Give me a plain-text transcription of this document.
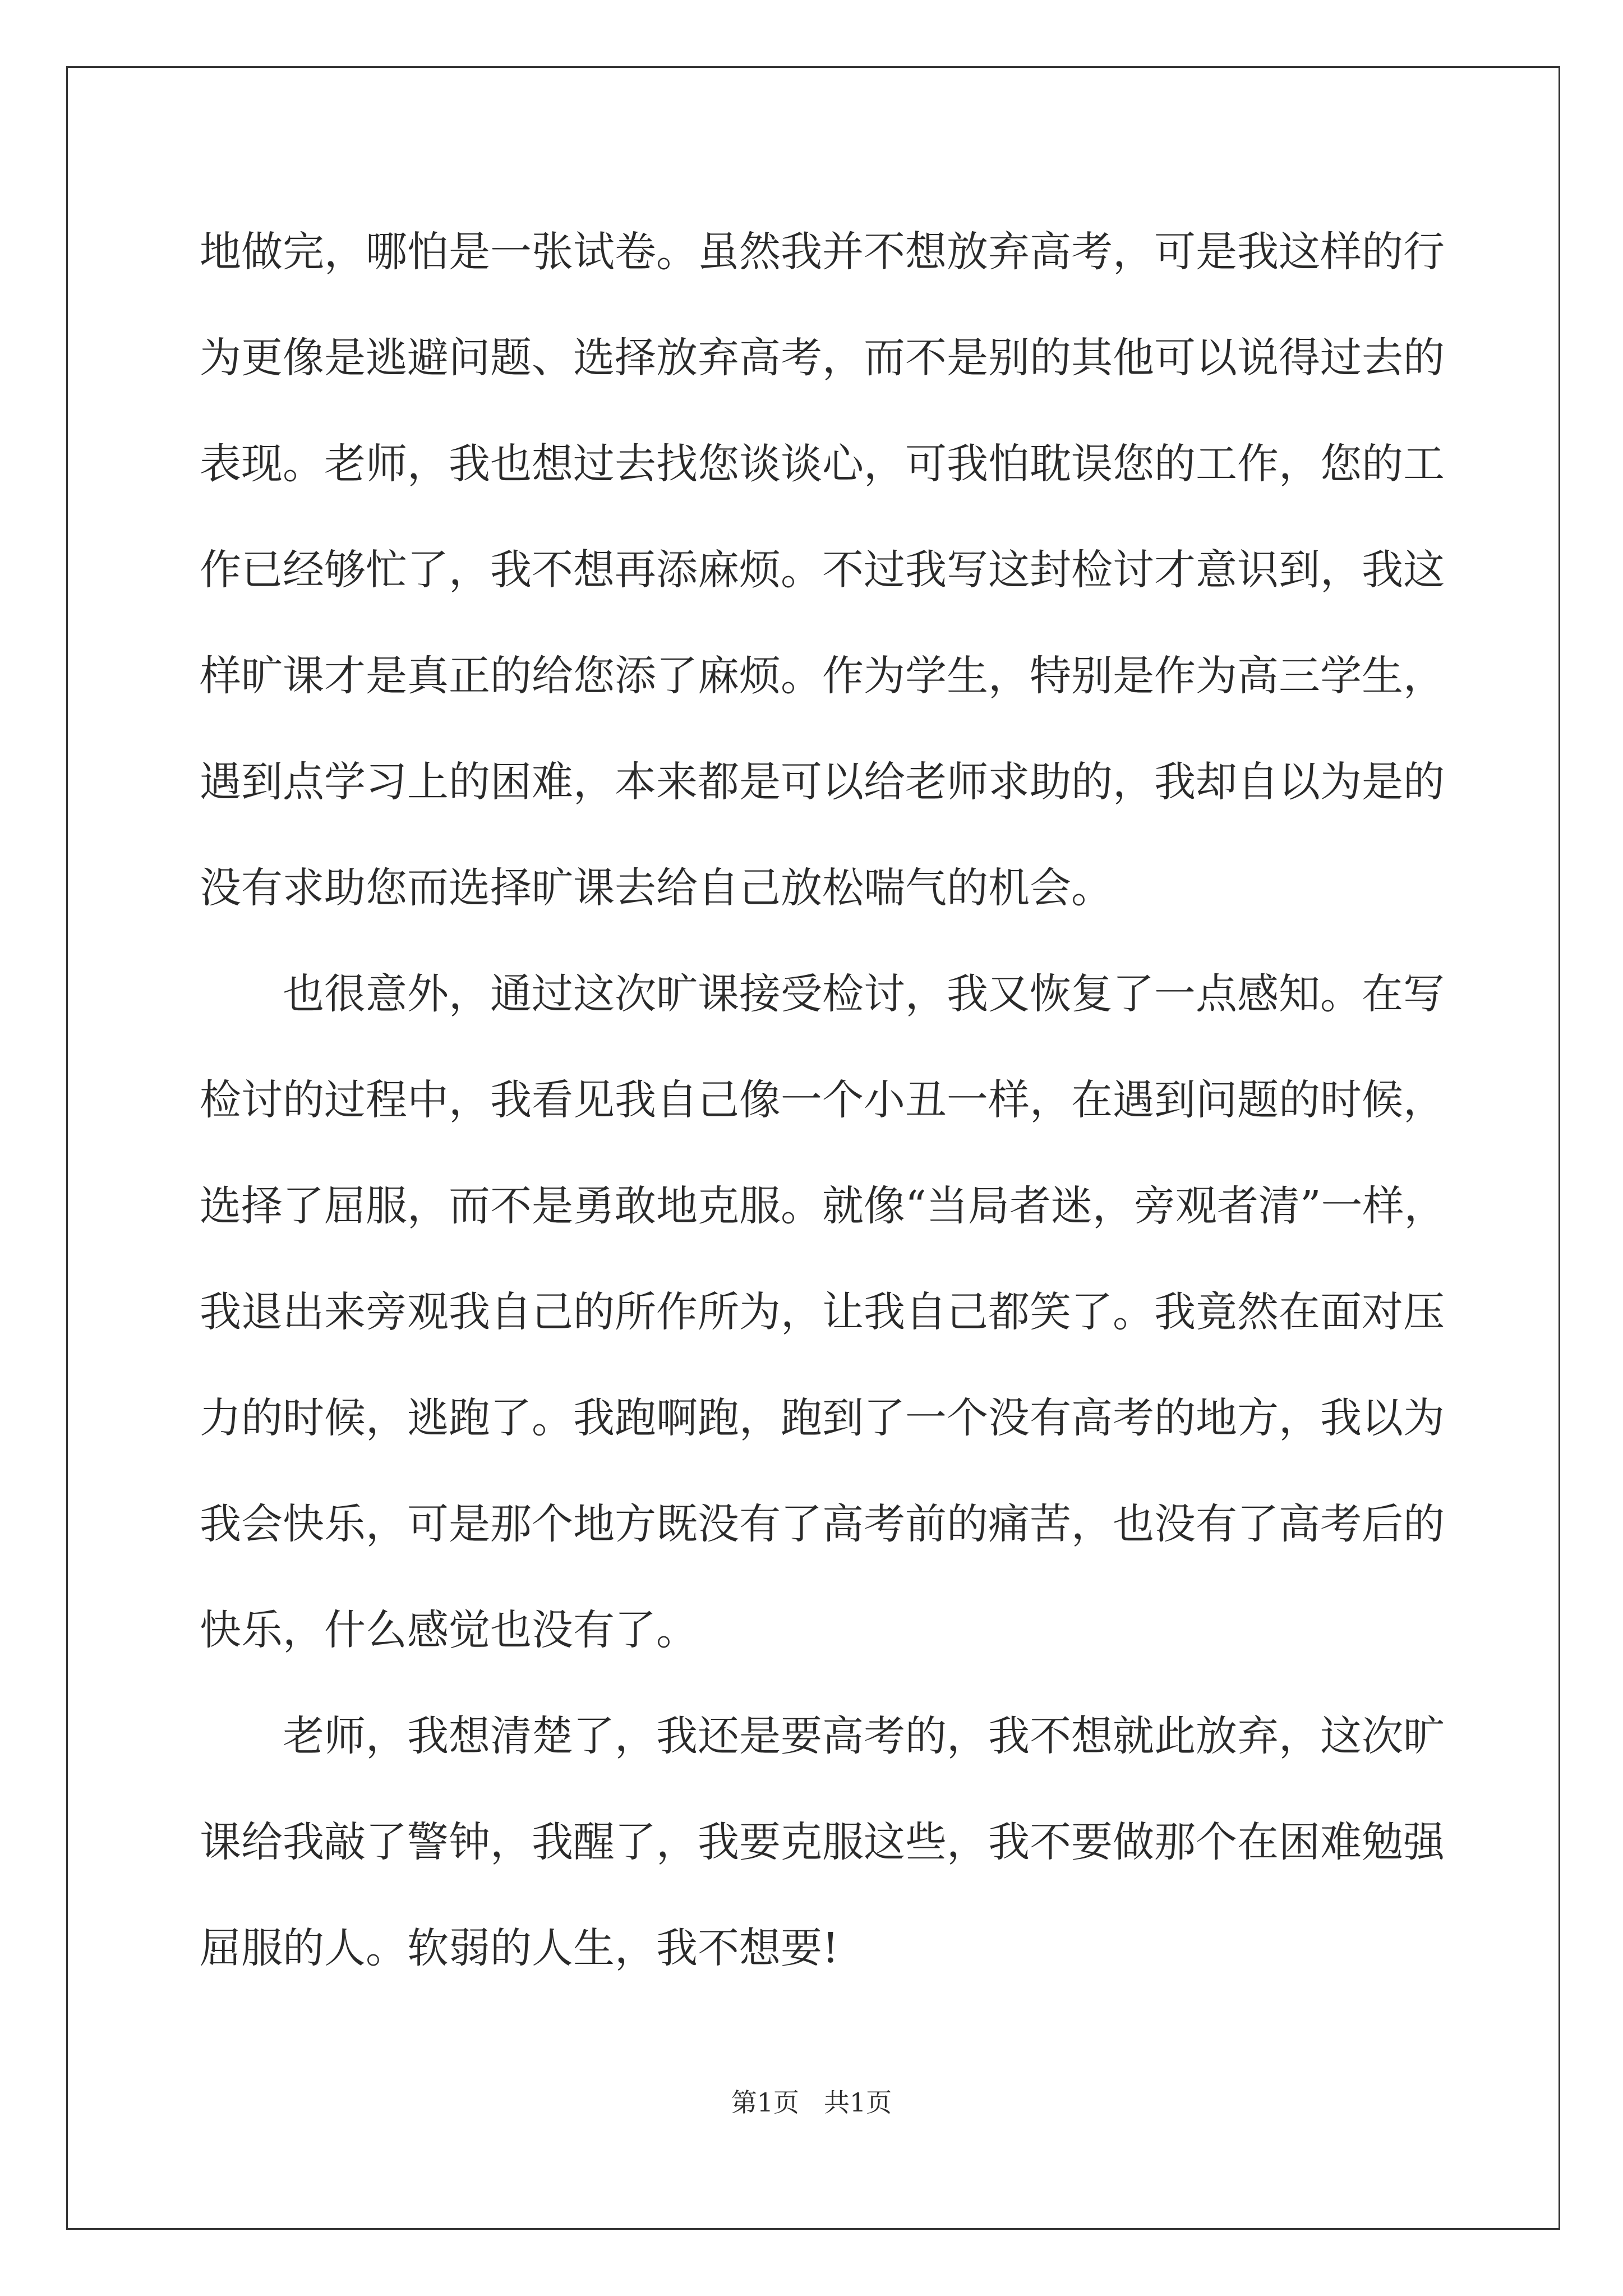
地做完，哪怕是一张试卷。虽然我并不想放弃高考，可是我这样的行
为更像是逃避问题、选择放弃高考，而不是别的其他可以说得过去的
表现。老师，我也想过去找您谈谈心，可我怕耽误您的工作，您的工
作已经够忙了，我不想再添麻烦。不过我写这封检讨才意识到，我这
样旷课才是真正的给您添了麻烦。作为学生，特别是作为高三学生，
遇到点学习上的困难，本来都是可以给老师求助的，我却自以为是的
没有求助您而选择旷课去给自己放松喘气的机会。
　　也很意外，通过这次旷课接受检讨，我又恢复了一点感知。在写
检讨的过程中，我看见我自己像一个小丑一样，在遇到问题的时候，
选择了屈服，而不是勇敢地克服。就像“当局者迷，旁观者清”一样，
我退出来旁观我自己的所作所为，让我自己都笑了。我竟然在面对压
力的时候，逃跑了。我跑啊跑，跑到了一个没有高考的地方，我以为
我会快乐，可是那个地方既没有了高考前的痛苦，也没有了高考后的
快乐，什么感觉也没有了。
　　老师，我想清楚了，我还是要高考的，我不想就此放弃，这次旷
课给我敲了警钟，我醒了，我要克服这些，我不要做那个在困难勉强
屈服的人。软弱的人生，我不想要!
第1页 共1页
